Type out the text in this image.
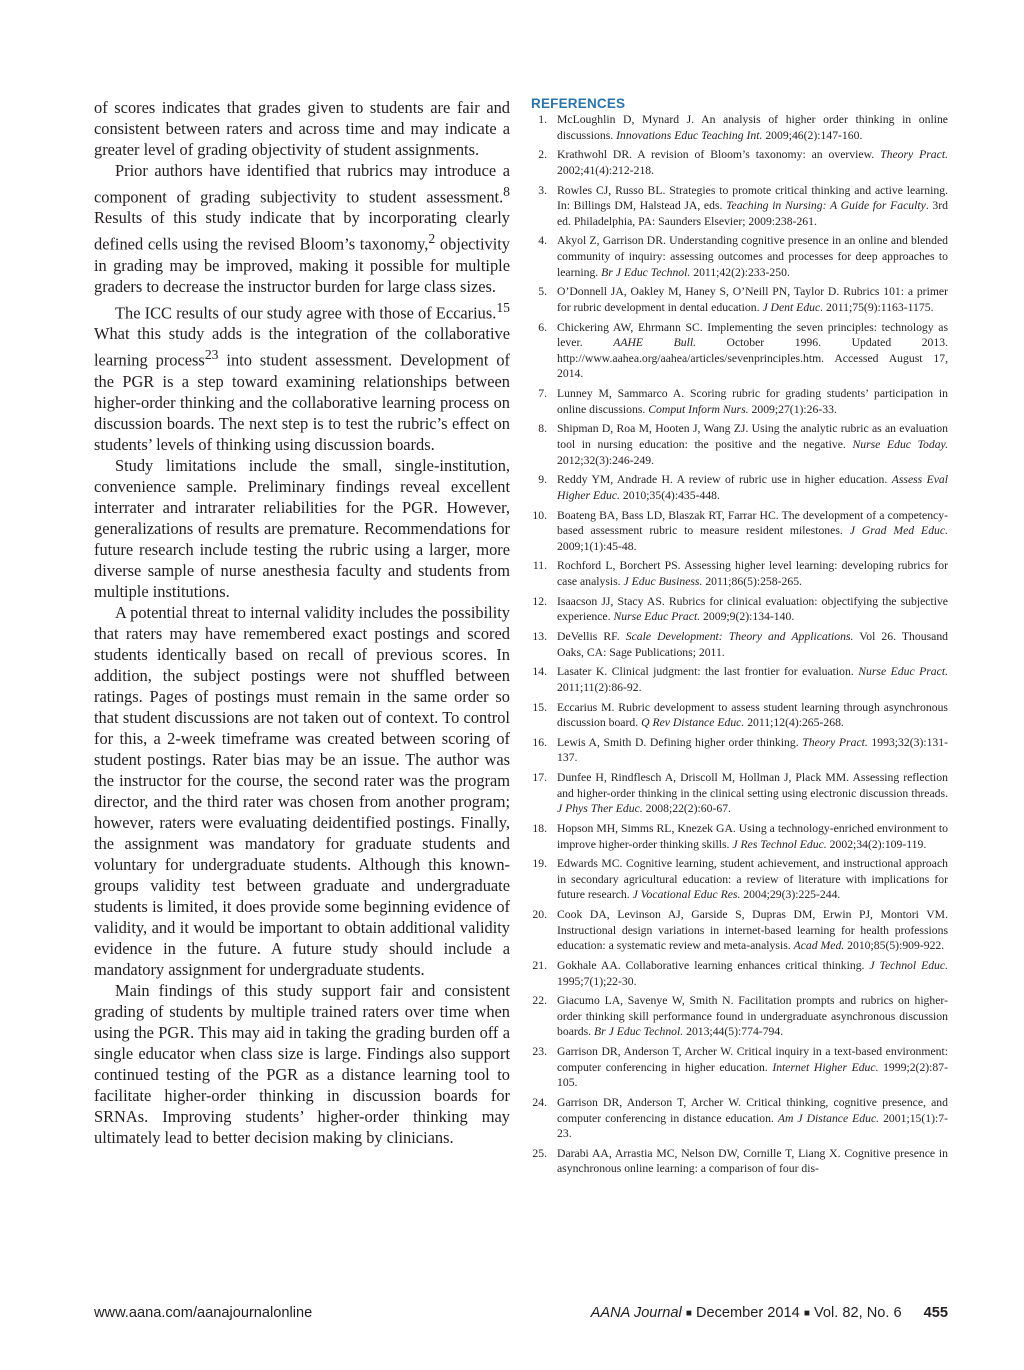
of scores indicates that grades given to students are fair and consistent between raters and across time and may indicate a greater level of grading objectivity of student assignments.

Prior authors have identified that rubrics may introduce a component of grading subjectivity to student assessment.$^8$ Results of this study indicate that by incorporating clearly defined cells using the revised Bloom’s taxonomy,$^2$ objectivity in grading may be improved, making it possible for multiple graders to decrease the instructor burden for large class sizes.

The ICC results of our study agree with those of Eccarius.$^{15}$ What this study adds is the integration of the collaborative learning process$^{23}$ into student assessment. Development of the PGR is a step toward examining relationships between higher-order thinking and the collaborative learning process on discussion boards. The next step is to test the rubric’s effect on students’ levels of thinking using discussion boards.

Study limitations include the small, single-institution, convenience sample. Preliminary findings reveal excellent interrater and intrarater reliabilities for the PGR. However, generalizations of results are premature. Recommendations for future research include testing the rubric using a larger, more diverse sample of nurse anesthesia faculty and students from multiple institutions.

A potential threat to internal validity includes the possibility that raters may have remembered exact postings and scored students identically based on recall of previous scores. In addition, the subject postings were not shuffled between ratings. Pages of postings must remain in the same order so that student discussions are not taken out of context. To control for this, a 2-week timeframe was created between scoring of student postings. Rater bias may be an issue. The author was the instructor for the course, the second rater was the program director, and the third rater was chosen from another program; however, raters were evaluating deidentified postings. Finally, the assignment was mandatory for graduate students and voluntary for undergraduate students. Although this known-groups validity test between graduate and undergraduate students is limited, it does provide some beginning evidence of validity, and it would be important to obtain additional validity evidence in the future. A future study should include a mandatory assignment for undergraduate students.

Main findings of this study support fair and consistent grading of students by multiple trained raters over time when using the PGR. This may aid in taking the grading burden off a single educator when class size is large. Findings also support continued testing of the PGR as a distance learning tool to facilitate higher-order thinking in discussion boards for SRNAs. Improving students’ higher-order thinking may ultimately lead to better decision making by clinicians.

REFERENCES
1. McLoughlin D, Mynard J. An analysis of higher order thinking in online discussions. Innovations Educ Teaching Int. 2009;46(2):147-160.
2. Krathwohl DR. A revision of Bloom’s taxonomy: an overview. Theory Pract. 2002;41(4):212-218.
3. Rowles CJ, Russo BL. Strategies to promote critical thinking and active learning. In: Billings DM, Halstead JA, eds. Teaching in Nursing: A Guide for Faculty. 3rd ed. Philadelphia, PA: Saunders Elsevier; 2009:238-261.
4. Akyol Z, Garrison DR. Understanding cognitive presence in an online and blended community of inquiry: assessing outcomes and processes for deep approaches to learning. Br J Educ Technol. 2011;42(2):233-250.
5. O’Donnell JA, Oakley M, Haney S, O’Neill PN, Taylor D. Rubrics 101: a primer for rubric development in dental education. J Dent Educ. 2011;75(9):1163-1175.
6. Chickering AW, Ehrmann SC. Implementing the seven principles: technology as lever. AAHE Bull. October 1996. Updated 2013. http://www.aahea.org/aahea/articles/sevenprinciples.htm. Accessed August 17, 2014.
7. Lunney M, Sammarco A. Scoring rubric for grading students’ participation in online discussions. Comput Inform Nurs. 2009;27(1):26-33.
8. Shipman D, Roa M, Hooten J, Wang ZJ. Using the analytic rubric as an evaluation tool in nursing education: the positive and the negative. Nurse Educ Today. 2012;32(3):246-249.
9. Reddy YM, Andrade H. A review of rubric use in higher education. Assess Eval Higher Educ. 2010;35(4):435-448.
10. Boateng BA, Bass LD, Blaszak RT, Farrar HC. The development of a competency-based assessment rubric to measure resident milestones. J Grad Med Educ. 2009;1(1):45-48.
11. Rochford L, Borchert PS. Assessing higher level learning: developing rubrics for case analysis. J Educ Business. 2011;86(5):258-265.
12. Isaacson JJ, Stacy AS. Rubrics for clinical evaluation: objectifying the subjective experience. Nurse Educ Pract. 2009;9(2):134-140.
13. DeVellis RF. Scale Development: Theory and Applications. Vol 26. Thousand Oaks, CA: Sage Publications; 2011.
14. Lasater K. Clinical judgment: the last frontier for evaluation. Nurse Educ Pract. 2011;11(2):86-92.
15. Eccarius M. Rubric development to assess student learning through asynchronous discussion board. Q Rev Distance Educ. 2011;12(4):265-268.
16. Lewis A, Smith D. Defining higher order thinking. Theory Pract. 1993;32(3):131-137.
17. Dunfee H, Rindflesch A, Driscoll M, Hollman J, Plack MM. Assessing reflection and higher-order thinking in the clinical setting using electronic discussion threads. J Phys Ther Educ. 2008;22(2):60-67.
18. Hopson MH, Simms RL, Knezek GA. Using a technology-enriched environment to improve higher-order thinking skills. J Res Technol Educ. 2002;34(2):109-119.
19. Edwards MC. Cognitive learning, student achievement, and instructional approach in secondary agricultural education: a review of literature with implications for future research. J Vocational Educ Res. 2004;29(3):225-244.
20. Cook DA, Levinson AJ, Garside S, Dupras DM, Erwin PJ, Montori VM. Instructional design variations in internet-based learning for health professions education: a systematic review and meta-analysis. Acad Med. 2010;85(5):909-922.
21. Gokhale AA. Collaborative learning enhances critical thinking. J Technol Educ. 1995;7(1);22-30.
22. Giacumo LA, Savenye W, Smith N. Facilitation prompts and rubrics on higher-order thinking skill performance found in undergraduate asynchronous discussion boards. Br J Educ Technol. 2013;44(5):774-794.
23. Garrison DR, Anderson T, Archer W. Critical inquiry in a text-based environment: computer conferencing in higher education. Internet Higher Educ. 1999;2(2):87-105.
24. Garrison DR, Anderson T, Archer W. Critical thinking, cognitive presence, and computer conferencing in distance education. Am J Distance Educ. 2001;15(1):7-23.
25. Darabi AA, Arrastia MC, Nelson DW, Cornille T, Liang X. Cognitive presence in asynchronous online learning: a comparison of four dis-
www.aana.com/aanajournalonline	AANA Journal ■ December 2014 ■ Vol. 82, No. 6 455
